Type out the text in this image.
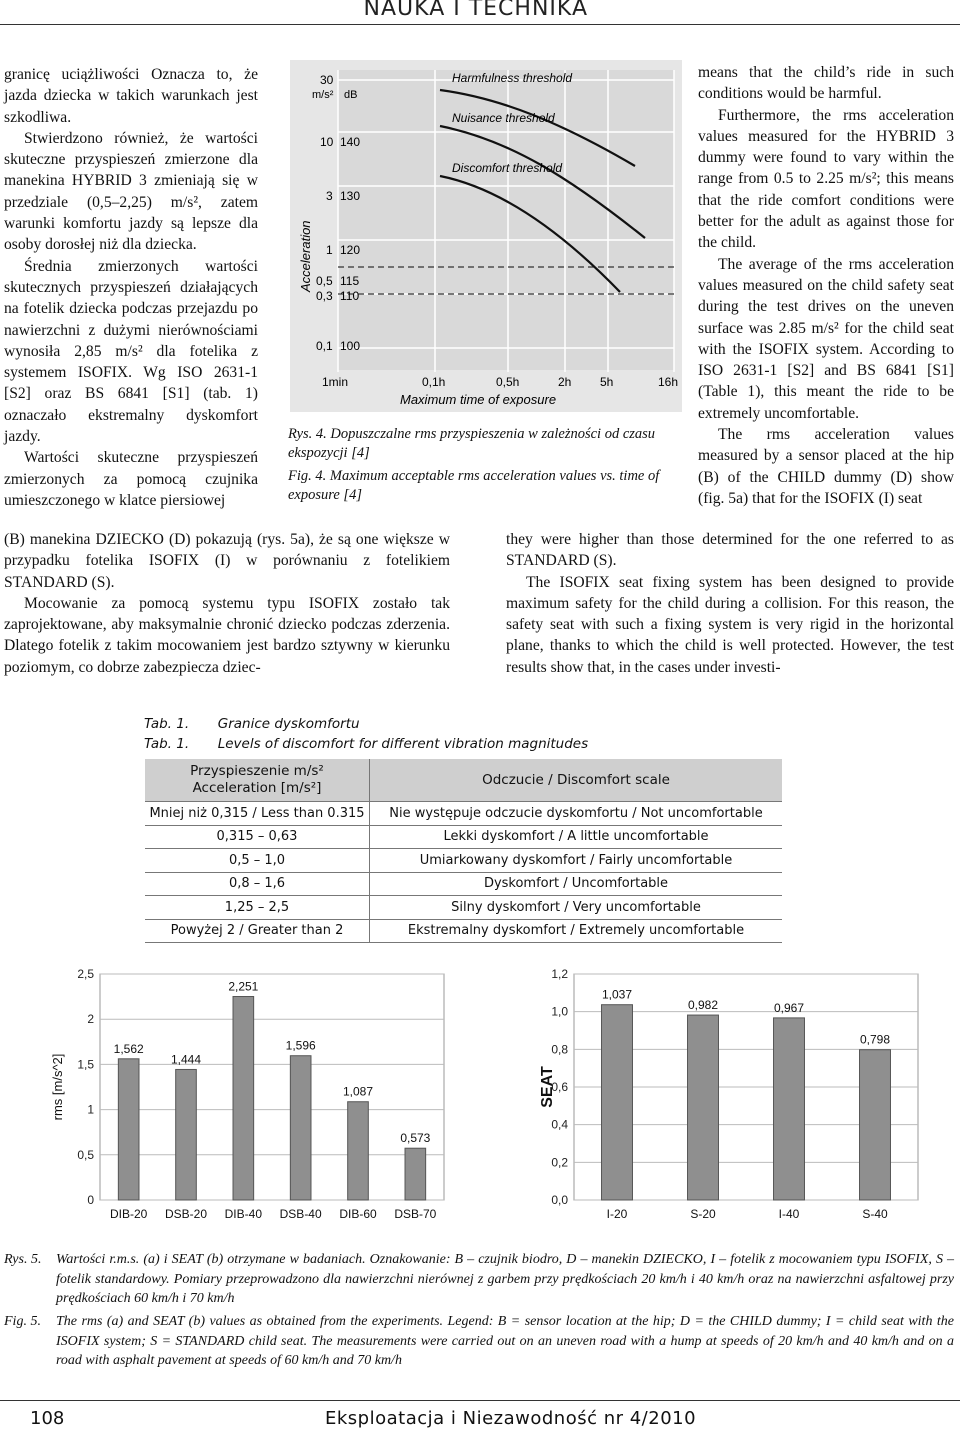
NAUKA I TECHNIKA

granicę uciążliwości Oznacza to, że jazda dziecka w takich warunkach jest szkodliwa.

Stwierdzono również, że wartości skuteczne przyspieszeń zmierzone dla manekina HYBRID 3 zmieniają się w przedziale (0,5–2,25) m/s², zatem warunki komfortu jazdy są lepsze dla osoby dorosłej niż dla dziecka.

Średnia zmierzonych wartości skutecznych przyspieszeń działających na fotelik dziecka podczas przejazdu po nawierzchni z dużymi nierównościami wynosiła 2,85 m/s² dla fotelika z systemem ISOFIX. Wg ISO 2631-1 [S2] oraz BS 6841 [S1] (tab. 1) oznaczało ekstremalny dyskomfort jazdy.

Wartości skuteczne przyspieszeń zmierzonych za pomocą czujnika umieszczonego w klatce piersiowej

(B) manekina DZIECKO (D) pokazują (rys. 5a), że są one większe w przypadku fotelika ISOFIX (I) w porównaniu z fotelikiem STANDARD (S).

Mocowanie za pomocą systemu typu ISOFIX zostało tak zaprojektowane, aby maksymalnie chronić dziecko podczas zderzenia. Dlatego fotelik z takim mocowaniem jest bardzo sztywny w kierunku poziomym, co dobrze zabezpiecza dziec-

means that the child’s ride in such conditions would be harmful.

Furthermore, the rms acceleration values measured for the HYBRID 3 dummy were found to vary within the range from 0.5 to 2.25 m/s²; this means that the ride comfort conditions were better for the adult as against those for the child.

The average of the rms acceleration values measured on the child safety seat during the test drives on the uneven surface was 2.85 m/s² for the child seat with the ISOFIX system. According to ISO 2631-1 [S2] and BS 6841 [S1] (Table 1), this meant the ride to be extremely uncomfortable.

The rms acceleration values measured by a sensor placed at the hip (B) of the CHILD dummy (D) show (fig. 5a) that for the ISOFIX (I) seat

they were higher than those determined for the one referred to as STANDARD (S).

The ISOFIX seat fixing system has been designed to provide maximum safety for the child during a collision. For this reason, the safety seat with such a fixing system is very rigid in the horizontal plane, thanks to which the child is well protected. However, the test results show that, in the cases under investi-

Harmfulness threshold
Nuisance threshold
Discomfort threshold
m/s² dB
30
10
3
1
0,5
0,3
0,1
140
130
120
115
110
100
Acceleration
1min	0,1h	0,5h	2h 5h	16h
Maximum time of exposure
Rys. 4. Dopuszczalne rms przyspieszenia w zależności od czasu ekspozycji [4]
Fig. 4. Maximum acceptable rms acceleration values vs. time of exposure [4]
Tab. 1. Granice dyskomfortu
Tab. 1. Levels of discomfort for different vibration magnitudes
Przyspieszenie m/s²
Acceleration [m/s²]	Odczucie / Discomfort scale
Mniej niż 0,315 / Less than 0.315	Nie występuje odczucie dyskomfortu / Not uncomfortable
0,315 – 0,63	Lekki dyskomfort / A little uncomfortable
0,5 – 1,0	Umiarkowany dyskomfort / Fairly uncomfortable
0,8 – 1,6	Dyskomfort / Uncomfortable
1,25 – 2,5	Silny dyskomfort / Very uncomfortable
Powyżej 2 / Greater than 2	Ekstremalny dyskomfort / Extremely uncomfortable
0
0,5
1
1,5
2
2,5
1,562
DIB-20
1,444
DSB-20
2,251
DIB-40
1,596
DSB-40
1,087
DIB-60
0,573
DSB-70
rms [m/s^2]
0,0
0,2
0,4
0,6
0,8
1,0
1,2
1,037
I-20
0,982
S-20
0,967
I-40
0,798
S-40
SEAT
Rys. 5.	Wartości r.m.s. (a) i SEAT (b) otrzymane w badaniach. Oznakowanie: B – czujnik biodro, D – manekin DZIECKO, I – fotelik z mocowaniem typu ISOFIX, S – fotelik standardowy. Pomiary przeprowadzono dla nawierzchni nierównej z garbem przy prędkościach 20 km/h i 40 km/h oraz na nawierzchni asfaltowej przy prędkościach 60 km/h i 70 km/h
Fig. 5.	The rms (a) and SEAT (b) values as obtained from the experiments. Legend: B = sensor location at the hip; D = the CHILD dummy; I = child seat with the ISOFIX system; S = STANDARD child seat. The measurements were carried out on an uneven road with a hump at speeds of 20 km/h and 40 km/h and on a road with asphalt pavement at speeds of 60 km/h and 70 km/h
108	Eksploatacja i Niezawodność nr 4/2010
